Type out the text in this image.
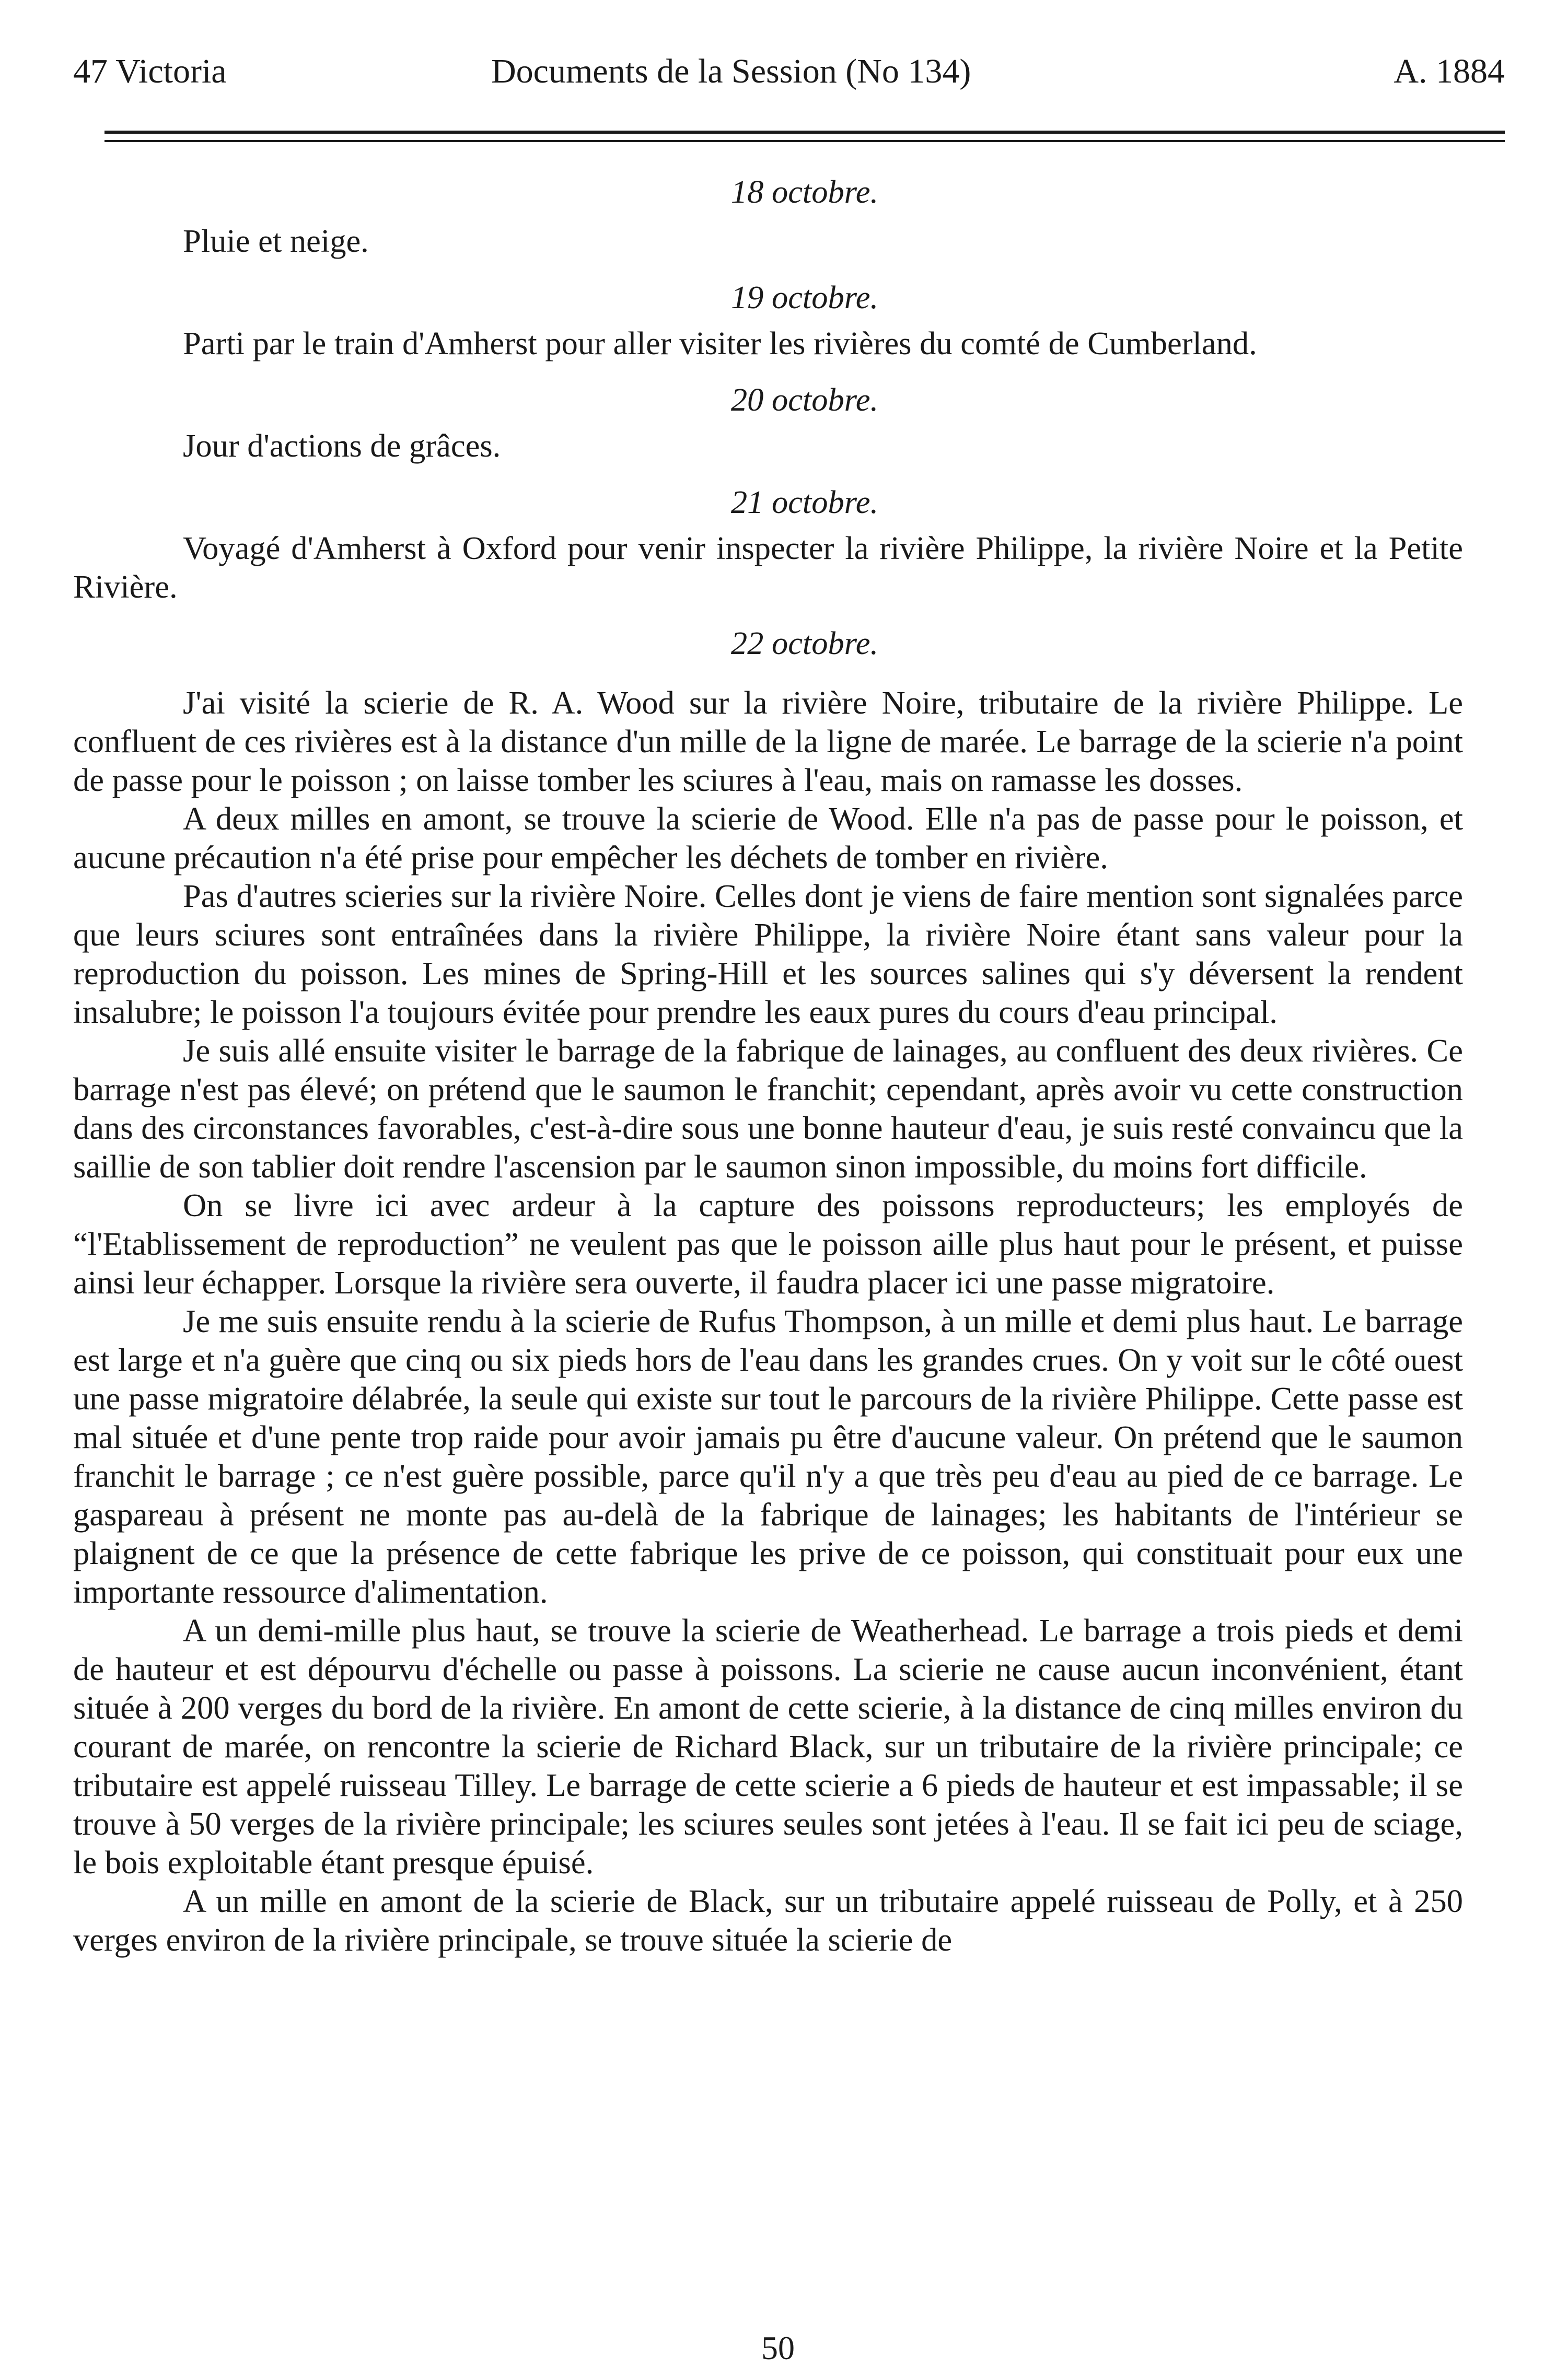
47 Victoria	Documents de la Session (No 134)	A. 1884

18 octobre.

Pluie et neige.

19 octobre.

Parti par le train d'Amherst pour aller visiter les rivières du comté de Cumberland.

20 octobre.

Jour d'actions de grâces.

21 octobre.

Voyagé d'Amherst à Oxford pour venir inspecter la rivière Philippe, la rivière Noire et la Petite Rivière.

22 octobre.

J'ai visité la scierie de R. A. Wood sur la rivière Noire, tributaire de la rivière Philippe. Le confluent de ces rivières est à la distance d'un mille de la ligne de marée. Le barrage de la scierie n'a point de passe pour le poisson ; on laisse tomber les sciures à l'eau, mais on ramasse les dosses.

A deux milles en amont, se trouve la scierie de Wood. Elle n'a pas de passe pour le poisson, et aucune précaution n'a été prise pour empêcher les déchets de tomber en rivière.

Pas d'autres scieries sur la rivière Noire. Celles dont je viens de faire mention sont signalées parce que leurs sciures sont entraînées dans la rivière Philippe, la rivière Noire étant sans valeur pour la reproduction du poisson. Les mines de Spring-Hill et les sources salines qui s'y déversent la rendent insalubre; le poisson l'a toujours évitée pour prendre les eaux pures du cours d'eau principal.

Je suis allé ensuite visiter le barrage de la fabrique de lainages, au confluent des deux rivières. Ce barrage n'est pas élevé; on prétend que le saumon le franchit; cependant, après avoir vu cette construction dans des circonstances favorables, c'est-à-dire sous une bonne hauteur d'eau, je suis resté convaincu que la saillie de son tablier doit rendre l'ascension par le saumon sinon impossible, du moins fort difficile.

On se livre ici avec ardeur à la capture des poissons reproducteurs; les employés de “l'Etablissement de reproduction” ne veulent pas que le poisson aille plus haut pour le présent, et puisse ainsi leur échapper. Lorsque la rivière sera ouverte, il faudra placer ici une passe migratoire.

Je me suis ensuite rendu à la scierie de Rufus Thompson, à un mille et demi plus haut. Le barrage est large et n'a guère que cinq ou six pieds hors de l'eau dans les grandes crues. On y voit sur le côté ouest une passe migratoire délabrée, la seule qui existe sur tout le parcours de la rivière Philippe. Cette passe est mal située et d'une pente trop raide pour avoir jamais pu être d'aucune valeur. On prétend que le saumon franchit le barrage ; ce n'est guère possible, parce qu'il n'y a que très peu d'eau au pied de ce barrage. Le gaspareau à présent ne monte pas au-delà de la fabrique de lainages; les habitants de l'intérieur se plaignent de ce que la présence de cette fabrique les prive de ce poisson, qui constituait pour eux une importante ressource d'alimentation.

A un demi-mille plus haut, se trouve la scierie de Weatherhead. Le barrage a trois pieds et demi de hauteur et est dépourvu d'échelle ou passe à poissons. La scierie ne cause aucun inconvénient, étant située à 200 verges du bord de la rivière. En amont de cette scierie, à la distance de cinq milles environ du courant de marée, on rencontre la scierie de Richard Black, sur un tributaire de la rivière principale; ce tributaire est appelé ruisseau Tilley. Le barrage de cette scierie a 6 pieds de hauteur et est impassable; il se trouve à 50 verges de la rivière principale; les sciures seules sont jetées à l'eau. Il se fait ici peu de sciage, le bois exploitable étant presque épuisé.

A un mille en amont de la scierie de Black, sur un tributaire appelé ruisseau de Polly, et à 250 verges environ de la rivière principale, se trouve située la scierie de

50
